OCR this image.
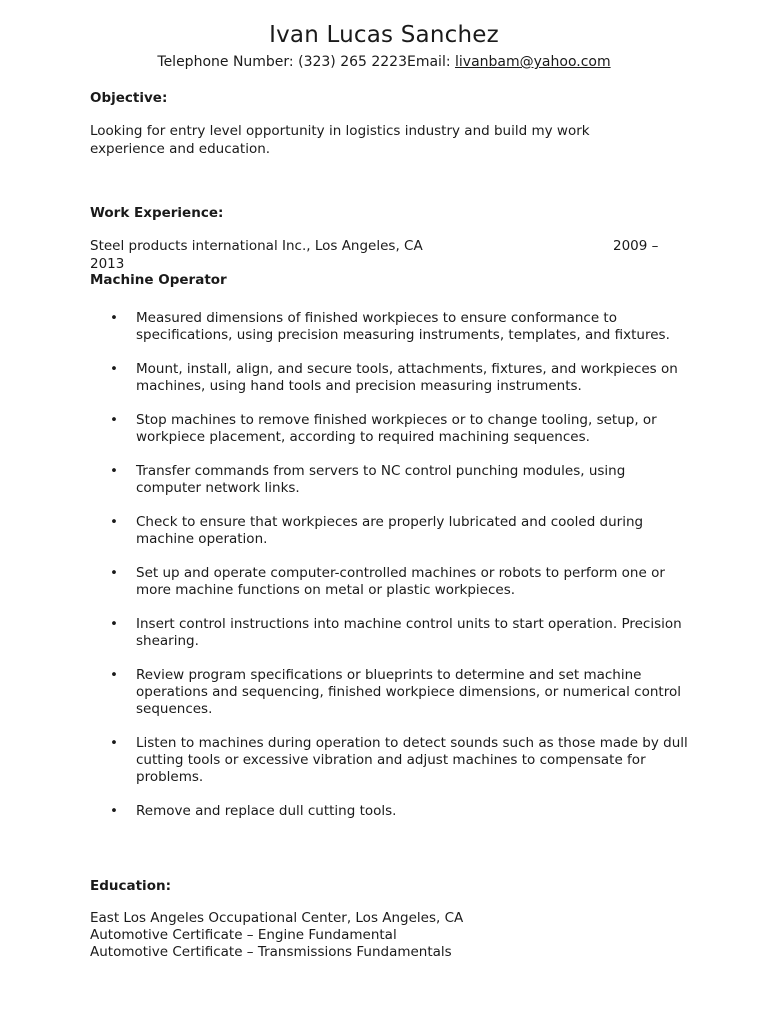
Ivan Lucas Sanchez
Telephone Number: (323) 265 2223Email: livanbam@yahoo.com
Objective:
Looking for entry level opportunity in logistics industry and build my work experience and education.
Work Experience:
Steel products international Inc., Los Angeles, CA	2009 –
2013
Machine Operator
• Measured dimensions of finished workpieces to ensure conformance to specifications, using precision measuring instruments, templates, and fixtures.
• Mount, install, align, and secure tools, attachments, fixtures, and workpieces on machines, using hand tools and precision measuring instruments.
• Stop machines to remove finished workpieces or to change tooling, setup, or workpiece placement, according to required machining sequences.
• Transfer commands from servers to NC control punching modules, using computer network links.
• Check to ensure that workpieces are properly lubricated and cooled during machine operation.
• Set up and operate computer-controlled machines or robots to perform one or more machine functions on metal or plastic workpieces.
• Insert control instructions into machine control units to start operation. Precision shearing.
• Review program specifications or blueprints to determine and set machine operations and sequencing, finished workpiece dimensions, or numerical control sequences.
• Listen to machines during operation to detect sounds such as those made by dull cutting tools or excessive vibration and adjust machines to compensate for problems.
• Remove and replace dull cutting tools.
Education:
East Los Angeles Occupational Center, Los Angeles, CA
Automotive Certificate – Engine Fundamental
Automotive Certificate – Transmissions Fundamentals
